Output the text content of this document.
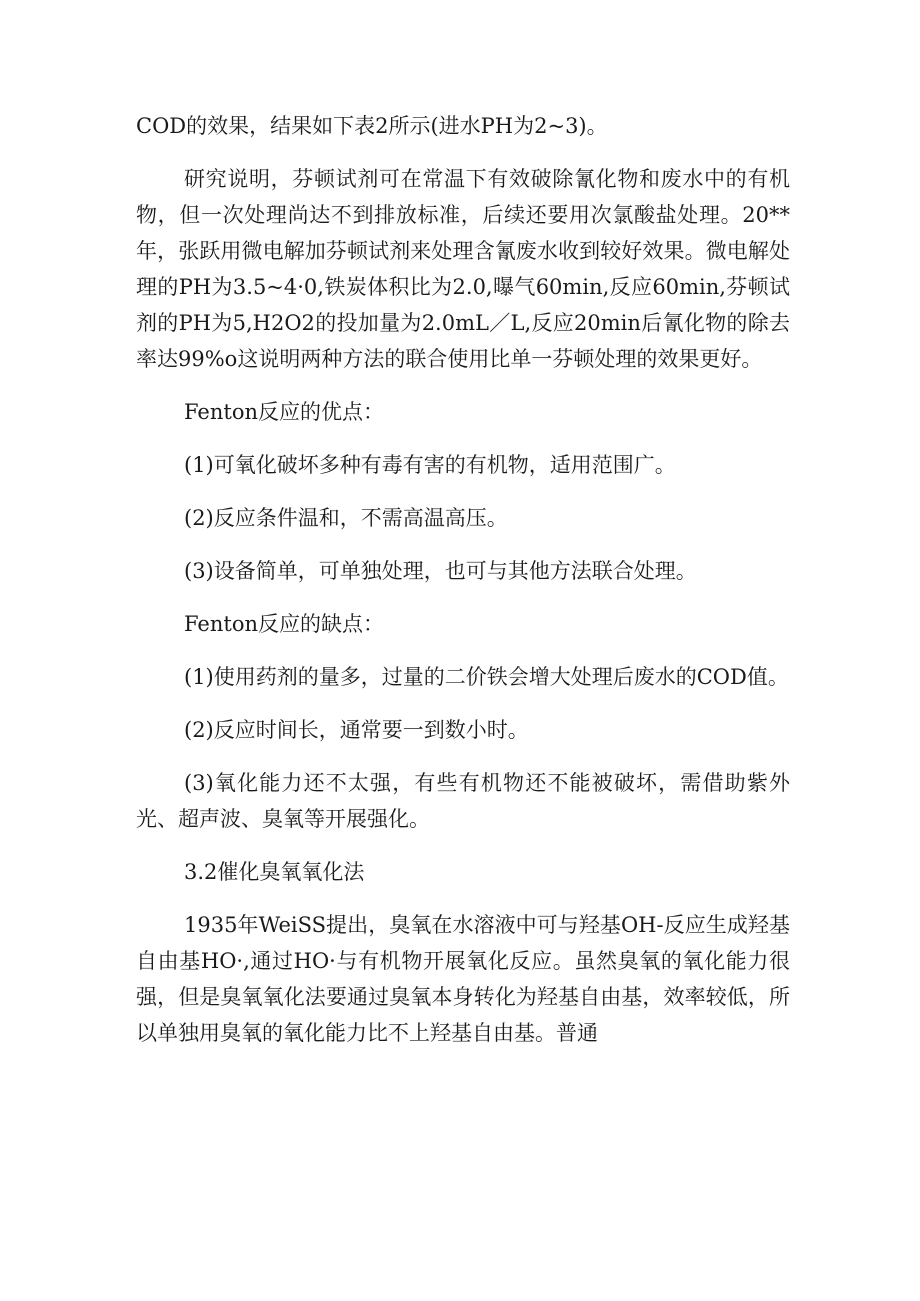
COD的效果，结果如下表2所示(进水PH为2~3)。

研究说明，芬顿试剂可在常温下有效破除氰化物和废水中的有机物，但一次处理尚达不到排放标准，后续还要用次氯酸盐处理。20**年，张跃用微电解加芬顿试剂来处理含氰废水收到较好效果。微电解处理的PH为3.5~4·0,铁炭体积比为2.0,曝气60min,反应60min,芬顿试剂的PH为5,H2O2的投加量为2.0mL／L,反应20min后氰化物的除去率达99%o这说明两种方法的联合使用比单一芬顿处理的效果更好。

Fenton反应的优点：

(1)可氧化破坏多种有毒有害的有机物，适用范围广。

(2)反应条件温和，不需高温高压。

(3)设备简单，可单独处理，也可与其他方法联合处理。

Fenton反应的缺点：

(1)使用药剂的量多，过量的二价铁会增大处理后废水的COD值。

(2)反应时间长，通常要一到数小时。

(3)氧化能力还不太强，有些有机物还不能被破坏，需借助紫外光、超声波、臭氧等开展强化。

3.2催化臭氧氧化法

1935年WeiSS提出，臭氧在水溶液中可与羟基OH-反应生成羟基自由基HO·,通过HO·与有机物开展氧化反应。虽然臭氧的氧化能力很强，但是臭氧氧化法要通过臭氧本身转化为羟基自由基，效率较低，所以单独用臭氧的氧化能力比不上羟基自由基。普通
